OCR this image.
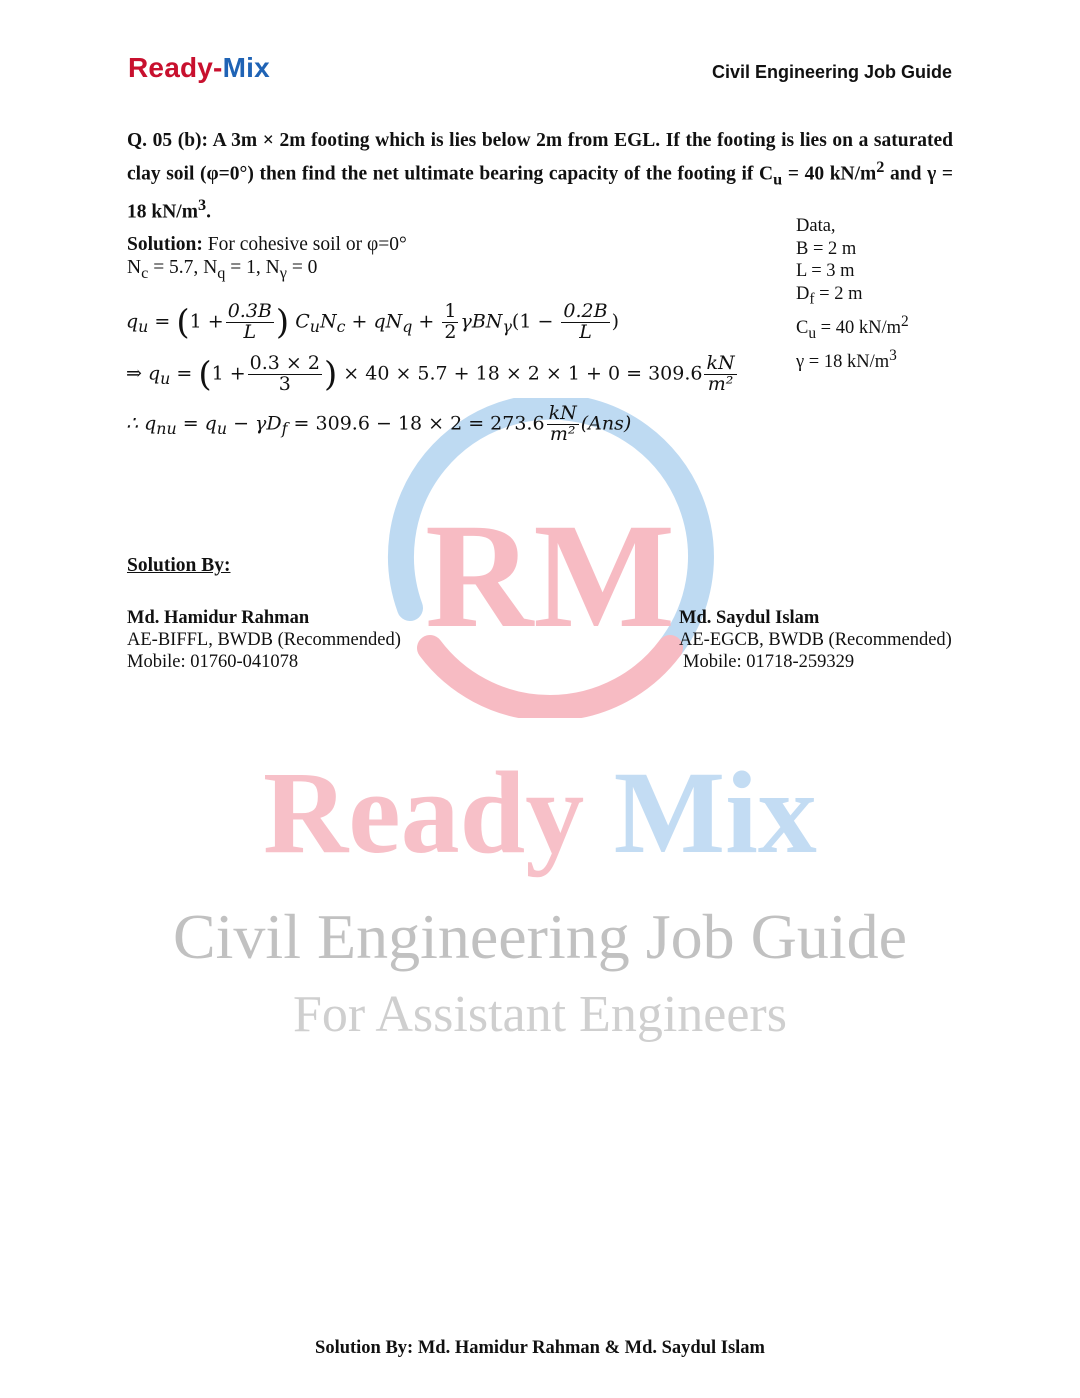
RM
Ready Mix
Civil Engineering Job Guide
For Assistant Engineers
Ready-Mix	Civil Engineering Job Guide
Q. 05 (b): A 3m × 2m footing which is lies below 2m from EGL. If the footing is lies on a saturated clay soil (φ=0°) then find the net ultimate bearing capacity of the footing if $C_u = 40$ $kN/m^2$ and γ = 18 $kN/m^3$.
Solution: For cohesive soil or φ=0°
$N_c = 5.7$, $N_q = 1$, $N_\gamma = 0$
Data,
B = 2 m
L = 3 m
$D_f = 2$ m
$C_u = 40$ $kN/m^2$
γ = 18 $kN/m^3$
$q_u = (1 + \frac{0.3B}{L}$ ) $C_uN_c + qN_q + \frac{1}{2} \gamma BN_\gamma(1 - \frac{0.2B}{L}$ )
⇒ $q_u = (1 + \frac{0.3 \times 2}{3}$ ) × $40 \times 5.7 + 18 \times 2 \times 1 + 0 = 309.6 \frac{kN}{\text{m²}}$
∴ $q_{nu} = q_u - \gamma D_f = 309.6 - 18 \times 2 = 273.6 \frac{kN}{\text{m²}} (Ans)$
Solution By:
Md. Hamidur Rahman
AE-BIFFL, BWDB (Recommended)
Mobile: 01760-041078
Md. Saydul Islam
AE-EGCB, BWDB (Recommended)
Mobile: 01718-259329
Solution By: Md. Hamidur Rahman & Md. Saydul Islam
